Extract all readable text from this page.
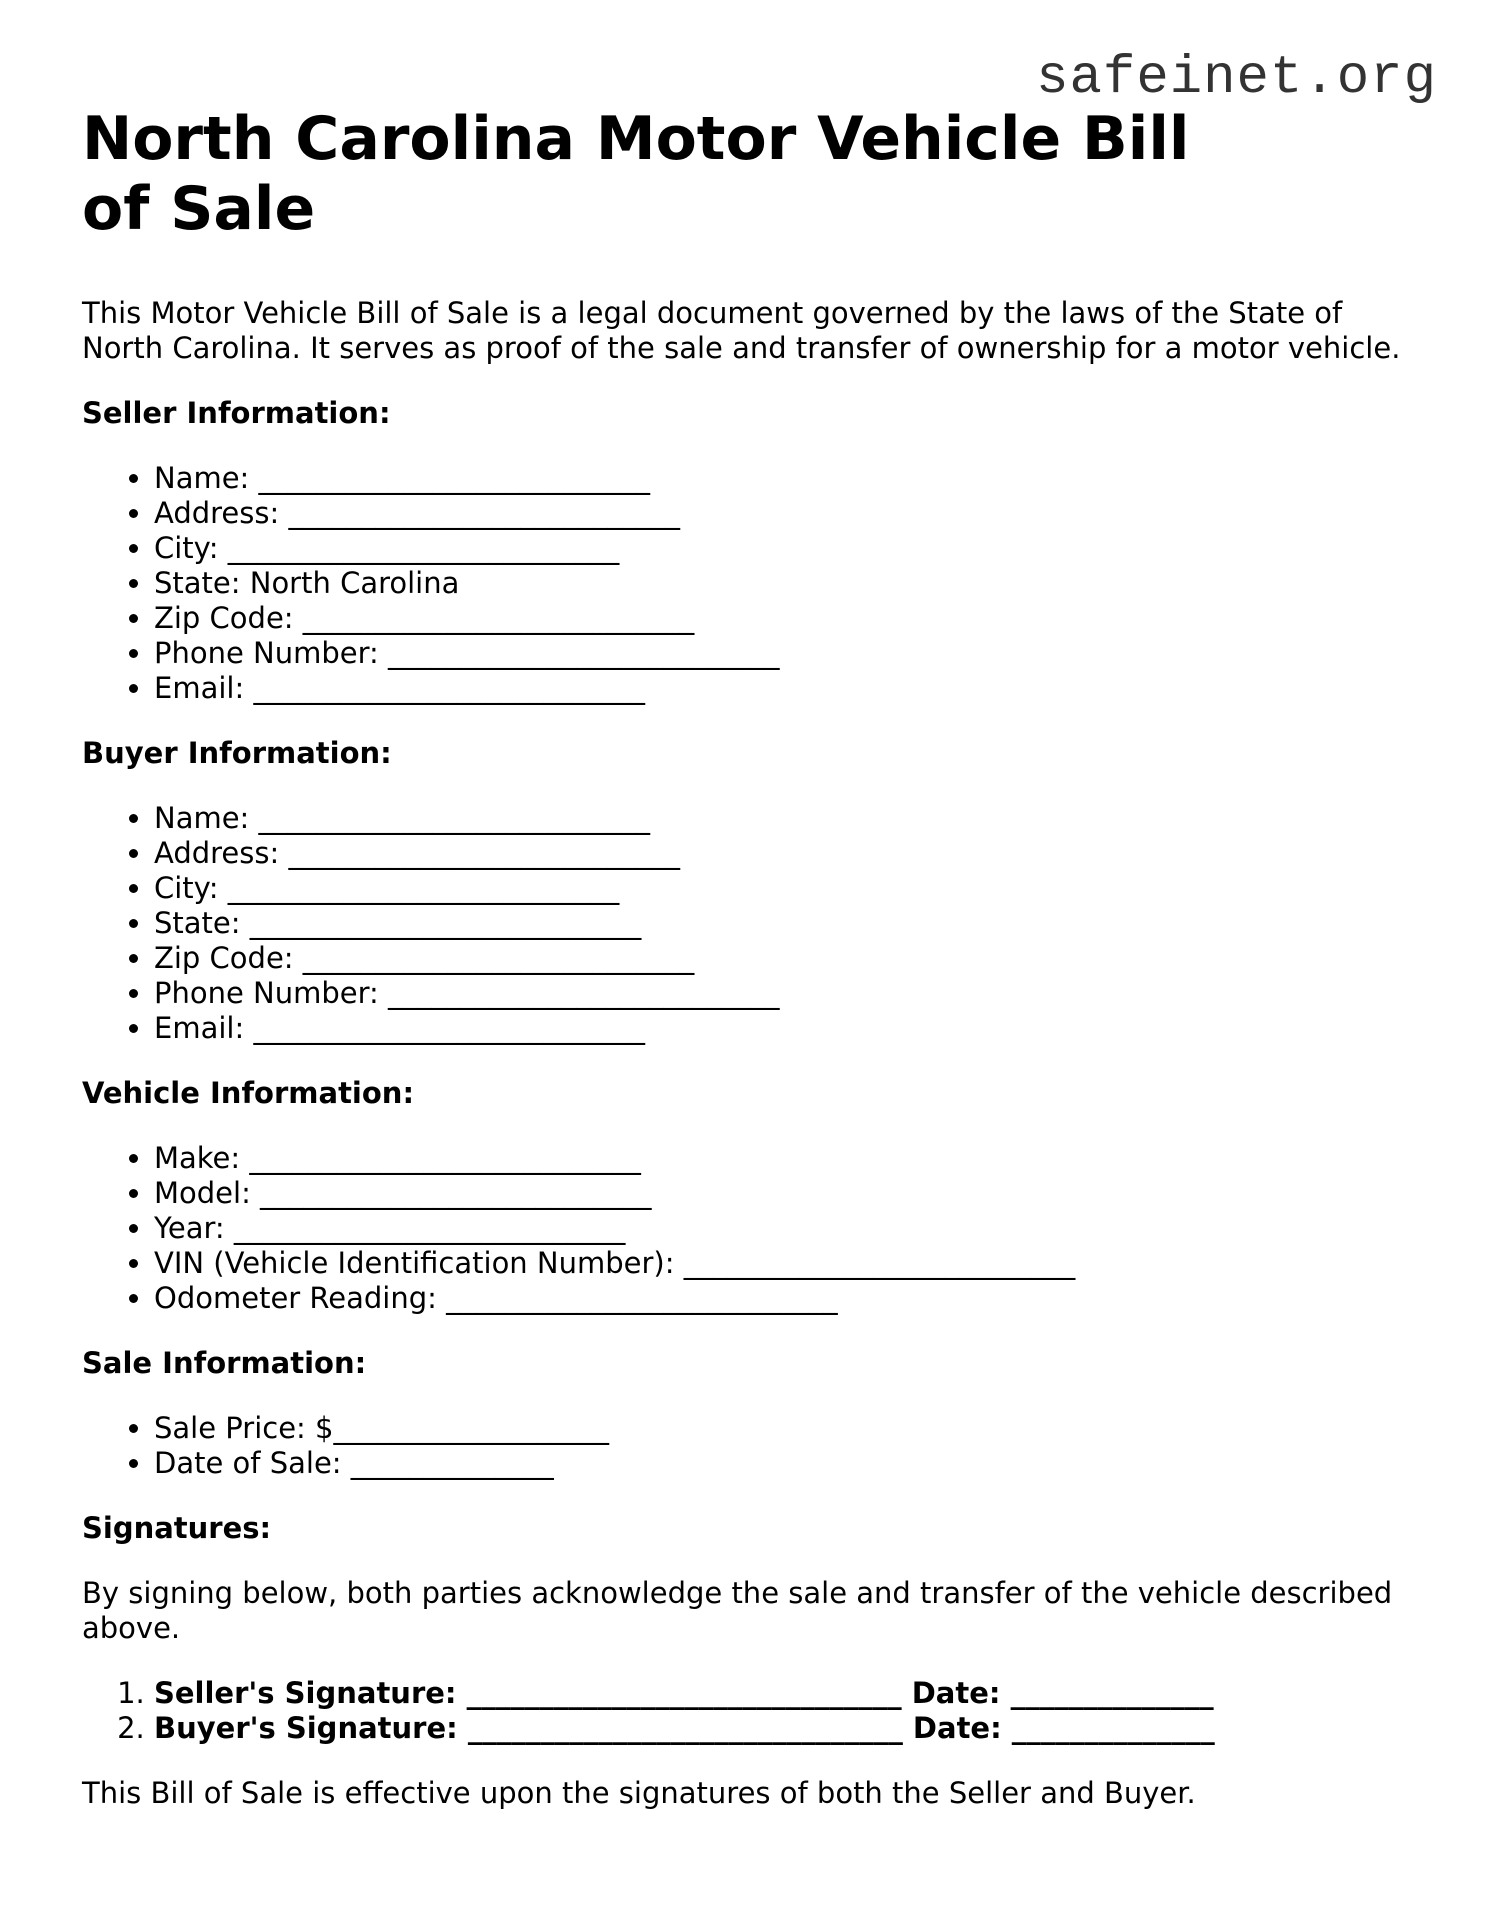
safeinet.org
North Carolina Motor Vehicle Bill of Sale

This Motor Vehicle Bill of Sale is a legal document governed by the laws of the State of North Carolina. It serves as proof of the sale and transfer of ownership for a motor vehicle.

Seller Information:
• Name: ___________________________
• Address: ___________________________
• City: ___________________________
• State: North Carolina
• Zip Code: ___________________________
• Phone Number: ___________________________
• Email: ___________________________
Buyer Information:
• Name: ___________________________
• Address: ___________________________
• City: ___________________________
• State: ___________________________
• Zip Code: ___________________________
• Phone Number: ___________________________
• Email: ___________________________
Vehicle Information:
• Make: ___________________________
• Model: ___________________________
• Year: ___________________________
• VIN (Vehicle Identification Number): ___________________________
• Odometer Reading: ___________________________
Sale Information:
• Sale Price: $___________________
• Date of Sale: ______________
Signatures:

By signing below, both parties acknowledge the sale and transfer of the vehicle described above.

1. Seller's Signature: ______________________________ Date: ______________
2. Buyer's Signature: ______________________________ Date: ______________

This Bill of Sale is effective upon the signatures of both the Seller and Buyer.
